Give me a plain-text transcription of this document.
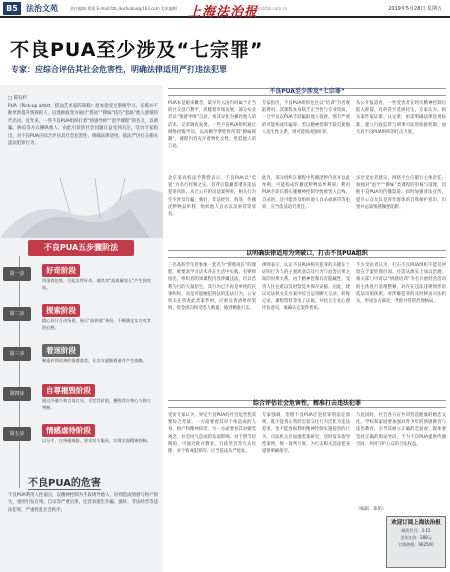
B5	法治文苑	责任编辑 郑铭 E-mail:fzb_dushubao@163.com 美术编辑 上海法治报
www.shfzb.com.cn	2019年5月28日 星期五
不良PUA至少涉及“七宗罪”
专家：应综合评估其社会危害性，明确法律适用严打违法犯罪
□ 陈钰杉
PUA（Pick-up artist，搭讪艺术家的简称）原本指受过系统学习、实践并不断更新提升情商的人，后逐渐演变为通过“搭讪”“撩妹”技巧“套路”他人感情的代名词。近年来，一些不良PUA组织打着“情感导师”“泡学课程”的名义，以诱骗、胁迫等方式操纵他人，由此引发的社会问题日益受到关注。受访专家指出，对不良PUA应综合评估其社会危害性，明确法律适用，依法严厉打击相关违法犯罪行为。
不良PUA五步骤阶法
第一步	好奇阶段
用金钱包装、引起女性好奇，使其对“高质量男人”产生探究欲。
第二步	探索阶段
精心设计互动场景，展示“高价值”身份，不断满足女方对其的幻想。
第三步	着迷阶段
制造若即若离的情感落差，让女方逐渐着迷并产生依赖。
第四步	自尊摧毁阶段
通过冷暴力和言语打压，否定其价值，摧毁其自尊心与独立判断。
第五步	情感虐待阶段
以分手、自残相威胁，要求对方服从，实现全面精神控制。
不良PUA的危害
不良PUA利用人性弱点，以精神控制为手段诱导他人，轻则造成情感与财产损失，重则引发自残、自杀等严重后果，还容易滋生诈骗、强奸、非法经营等违法犯罪，严重扰乱社会秩序。
不良PUA至少涉及“七宗罪”
PUA本是舶来概念，最早传入国内时属于正当的社交技巧教学，但随着市场发展，部分从业者以“情感导师”自居，将其异化为操控他人的话术。记者调查发现，一些不良PUA组织通过网络招揽学员，以高额学费兜售所谓“撩妹秘籍”，课程内容充斥着物化女性、贬低他人的言论。
北京某高校法学教授表示，不良PUA以“恋爱”为名行控制之实，其背后隐藏着诸多违法犯罪风险。从已公开的司法案例看，相关行为至少涉及诈骗、强奸、非法经营、侮辱、传播淫秽物品牟利、组织他人自杀以及虐待等罪名。
专家指出，不良PUA组织往往以“培训”为名收取费用，其课程本身缺乏正当性与专业资质。一旦学员以PUA手段骗取他人钱财，情节严重的可能构成诈骗罪；若以精神控制手段迫使他人发生性关系，则可能构成强奸罪。
此外，部分组织在课程中传播淫秽内容并以此牟利，可能构成传播淫秽物品牟利罪；利用PUA手段长期实施精神控制导致被害人自残、自杀的，还可能涉及组织他人自杀或虐待等犯罪，应当依法追究责任。
从公开报道看，一些受害者在经历精神控制后陷入抑郁，有的甚至选择轻生。专家认为，相关案件取证难、认定难，亟需明确法律适用标准，建立行政监管与刑事司法的衔接机制，加大对不良PUA组织的打击力度。
多位受访者建议，网络平台应履行主体责任，加强对“泡学”“撩妹”类课程的审核与清理，切断不良PUA的传播渠道；同时加强普法宣传，提升公众尤其是青年群体的自我保护意识，识别并远离情感操控陷阱。
以明确法律适用为突破口，打击不良PUA组织
三名高校学生曾参加一套名为“情感成长”的课程，被要求学习话术并在生活中实践。有律师指出，组织者明知课程内容涉嫌违法，仍以营利为目的大量招生，其行为已不再是单纯的民事纠纷，而是可能触犯刑法的违法行为。公安机关在侦查此类案件时，应重点查清组织架构、资金流向和受害人数量，做到精准打击。
律师表示，认定不良PUA相关犯罪的关键在于证明行为人的主观故意以及行为与危害后果之间的因果关系。由于精神控制具有隐蔽性，受害人往往难以及时察觉并保存证据。因此，建议司法机关在办案中综合运用聊天记录、转账记录、课程资料等电子证据，并结合专业心理评估意见，准确认定案件性质。
不少受访者认为，打击不良PUA组织不能仅停留在个案处理层面，还需从源头上加以治理。相关部门可对以“情感培训”为名开展经营活动的主体进行清理整顿，对存在违法违规情形的依法吊销执照，对涉嫌犯罪的及时移送司法机关，形成多方联动、齐抓共管的治理格局。
综合评估社会危害性，精准打击违法犯罪
受访专家认为，界定不良PUA的社会危害性需要综合考量。一方面要看其对个体造成的人身、财产和精神损害，另一方面要看其对婚恋观念、社会风气造成的负面影响。对于情节轻微的，可通过批评教育、行政处罚等方式处理；对于构成犯罪的，应当依法从严惩处。
专家强调，治理不良PUA应坚持罪刑法定原则，既不能将正常的恋爱交往行为泛化为违法犯罪，也不能放纵利用精神控制实施侵害的行为。司法机关应加强类案研究，适时发布指导性案例，统一裁判尺度，为打击相关违法犯罪提供明确指引。
与此同时，社会各方应共同营造健康的婚恋文化。学校和家庭要加强对青少年的情感教育与法治教育，引导其树立正确的恋爱观；媒体要坚持正确的舆论导向，不为不良PUA提供传播空间，共同守护公众的合法权益。
（编辑：郑铭）
欢迎订阅上海法治报
邮发代号：3-15
全年订价：288元
订阅热线：962500
